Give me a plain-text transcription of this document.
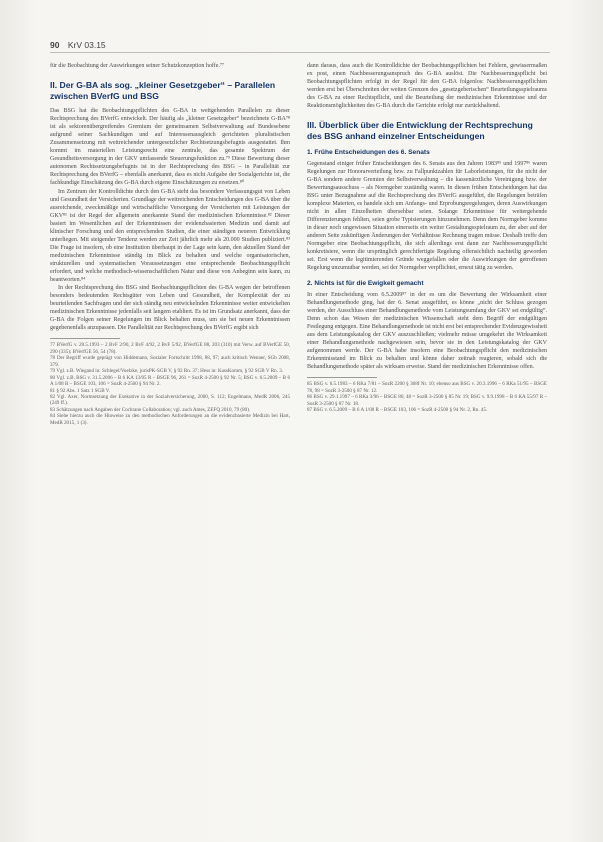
90 KrV 03.15

für die Beobachtung der Auswirkungen seiner Schutzkonzeption hoffe.⁷⁷

II. Der G-BA als sog. „kleiner Gesetzgeber“ – Parallelen zwischen BVerfG und BSG

Das BSG hat die Beobachtungspflichten des G-BA in weitgehenden Parallelen zu dieser Rechtsprechung des BVerfG entwickelt. Der häufig als „kleiner Gesetzgeber“ bezeichnete G-BA⁷⁸ ist als sektorenübergreifendes Gremium der gemeinsamen Selbstverwaltung auf Bundesebene aufgrund seiner Sachkundigen und auf Interessenausgleich gerichteten pluralistischen Zusammensetzung mit weitreichender untergesetzlicher Rechtsetzungsbefugnis ausgestattet. Ihm kommt im materiellen Leistungsrecht eine zentrale, das gesamte Spektrum der Gesundheitsversorgung in der GKV umfassende Steuerungsfunktion zu.⁷⁹ Diese Bewertung dieser autonomen Rechtssetzungsbefugnis ist in der Rechtsprechung des BSG – in Parallelität zur Rechtsprechung des BVerfG – ebenfalls anerkannt, dass es nicht Aufgabe der Sozialgerichte ist, die fachkundige Einschätzung des G-BA durch eigene Einschätzungen zu ersetzen.⁸⁰

Im Zentrum der Kontrolldichte durch den G-BA steht das besondere Verfassungsgut von Leben und Gesundheit der Versicherten. Grundlage der weitreichenden Entscheidungen des G-BA über die ausreichende, zweckmäßige und wirtschaftliche Versorgung der Versicherten mit Leistungen der GKV⁸¹ ist der Regel der allgemein anerkannte Stand der medizinischen Erkenntnisse.⁸² Dieser basiert im Wesentlichen auf der Erkenntnissen der evidenzbasierten Medizin und damit auf klinischer Forschung und den entsprechenden Studien, die einer ständigen neueren Entwicklung unterliegen. Mit steigender Tendenz werden zur Zeit jährlich mehr als 20.000 Studien publiziert.⁸³ Die Frage ist insofern, ob eine Institution überhaupt in der Lage sein kann, den aktuellen Stand der medizinischen Erkenntnisse ständig im Blick zu behalten und welche organisatorischen, strukturellen und systematischen Voraussetzungen eine entsprechende Beobachtungspflicht erfordert, und welche methodisch-wissenschaftlichen Natur und diese von Anbeginn sein kann, zu beantworten.⁸⁴

In der Rechtsprechung des BSG sind Beobachtungspflichten des G-BA wegen der betroffenen besonders bedeutenden Rechtsgüter von Leben und Gesundheit, der Komplexität der zu beurteilenden Sachfragen und der sich ständig neu entwickelnden Erkenntnisse weiter entwickelten medizinischen Erkenntnisse jedenfalls seit langem etabliert. Es ist im Grundsatz anerkannt, dass der G-BA die Folgen seiner Regelungen im Blick behalten muss, um sie bei neuen Erkenntnissen gegebenenfalls anzupassen. Die Parallelität zur Rechtsprechung des BVerfG ergibt sich

77 BVerfG v. 28.5.1993 – 2 BvF 2/90, 2 BvF 4/92, 2 BvF 5/92, BVerfGE 88, 203 (310) mit Verw. auf BVerfGE 50, 290 (335); BVerfGE 56, 54 (78).

78 Der Begriff wurde geprägt von Hiddemann, Sozialer Fortschritt 1998, 88, 97; auch kritisch Wenner, SGb 2008, 379.

79 Vgl. z.B. Wiegand in: Schlegel/Voelzke, jurisPK-SGB V, § 92 Rn. 37; Hess in: KassKomm, § 92 SGB V Rn. 3.

80 Vgl. z.B. BSG v. 31.5.2006 – B 6 KA 13/05 R – BSGE 96, 261 = SozR 4-2500 § 92 Nr. 5; BSG v. 6.5.2009 – B 6 A 1/08 R – BSGE 103, 106 = SozR 4-2500 § 94 Nr. 2.

81 § 92 Abs. 1 Satz 1 SGB V.

82 Vgl. Axer, Normsetzung der Exekutive in der Sozialversicherung, 2000, S. 112; Engelmann, MedR 2006, 245 (249 ff.).

83 Schätzungen nach Angaben der Cochrane Collaboration; vgl. auch Antes, ZEFQ 2010, 79 (80).

84 Siehe hierzu auch die Hinweise zu den methodischen Anforderungen an die evidenzbasierte Medizin bei Hart, MedR 2015, 1 (3).

dann daraus, dass auch die Kontrolldichte der Beobachtungspflichten bei Fehlern, gewissermaßen ex post, einen Nachbesserungsanspruch des G-BA auslöst. Die Nachbesserungspflicht bei Beobachtungspflichten erfolgt in der Regel für den G-BA folgenlos: Nachbesserungspflichten werden erst bei Überschreiten der weiten Grenzen des „gesetzgeberischen“ Beurteilungsspielraums des G-BA zu einer Rechtspflicht, und die Beurteilung der medizinischen Erkenntnisse und der Reaktionsmöglichkeiten des G-BA durch die Gerichte erfolgt nur zurückhaltend.

III. Überblick über die Entwicklung der Rechtsprechung des BSG anhand einzelner Entscheidungen
1. Frühe Entscheidungen des 6. Senats

Gegenstand einiger früher Entscheidungen des 6. Senats aus den Jahren 1983⁸⁵ und 1997⁸⁶ waren Regelungen zur Honorarverteilung bzw. zu Fallpunktzahlen für Laborleistungen, für die nicht der G-BA sondern andere Gremien der Selbstverwaltung – die kassenärztliche Vereinigung bzw. der Bewertungsausschuss – als Normgeber zuständig waren. In diesen frühen Entscheidungen hat das BSG unter Bezugnahme auf die Rechtsprechung des BVerfG ausgeführt, die Regelungen beträfen komplexe Materien, es handele sich um Anfangs- und Erprobungsregelungen, deren Auswirkungen nicht in allen Einzelheiten übersehbar seien. Solange Erkenntnisse für weitergehende Differenzierungen fehlten, seien grobe Typisierungen hinzunehmen. Denn dem Normgeber komme in dieser noch ungewissen Situation einerseits ein weiter Gestaltungsspielraum zu, der aber auf der anderen Seite zukünftigen Änderungen der Verhältnisse Rechnung tragen müsse. Deshalb treffe den Normgeber eine Beobachtungspflicht, die sich allerdings erst dann zur Nachbesserungspflicht konkretisiere, wenn die ursprünglich gerechtfertigte Regelung offensichtlich nachteilig geworden sei. Erst wenn die legitimierenden Gründe weggefallen oder die Auswirkungen der getroffenen Regelung unzumutbar werden, sei der Normgeber verpflichtet, erneut tätig zu werden.

2. Nichts ist für die Ewigkeit gemacht

In einer Entscheidung vom 6.5.2009⁸⁷ in der es um die Bewertung der Wirksamkeit einer Behandlungsmethode ging, hat der 6. Senat ausgeführt, es könne „nicht der Schluss gezogen werden, der Ausschluss einer Behandlungsmethode vom Leistungsumfang der GKV sei endgültig“. Denn schon das Wesen der medizinischen Wissenschaft steht dem Begriff der endgültigen Festlegung entgegen. Eine Behandlungsmethode ist nicht erst bei entsprechender Evidenzgewissheit aus dem Leistungskatalog der GKV auszuschließen; vielmehr müsse umgekehrt die Wirksamkeit einer Behandlungsmethode nachgewiesen sein, bevor sie in den Leistungskatalog der GKV aufgenommen werde. Der G-BA habe insofern eine Beobachtungspflicht den medizinischen Erkenntnisstand im Blick zu behalten und könne daher zeitnah reagieren, sobald sich die Behandlungsmethode später als wirksam erweise. Stand der medizinischen Erkenntnisse offen.

85 BSG v. 6.5.1983 – 6 RKa 7/81 – SozR 2200 § 368f Nr. 10; ebenso aus BSG v. 20.3.1996 – 6 RKa 51/95 – BSGE 78, 98 = SozR 3-2500 § 87 Nr. 12.

86 BSG v. 29.1.1997 – 6 RKa 3/96 – BSGE 80, 48 = SozR 3-2500 § 85 Nr. 19; BSG v. 9.9.1998 – B 6 KA 55/97 R – SozR 3-2500 § 87 Nr. 18.

87 BSG v. 6.5.2009 – B 6 A 1/08 R – BSGE 103, 106 = SozR 4-2500 § 94 Nr. 2, Rn. 45.
